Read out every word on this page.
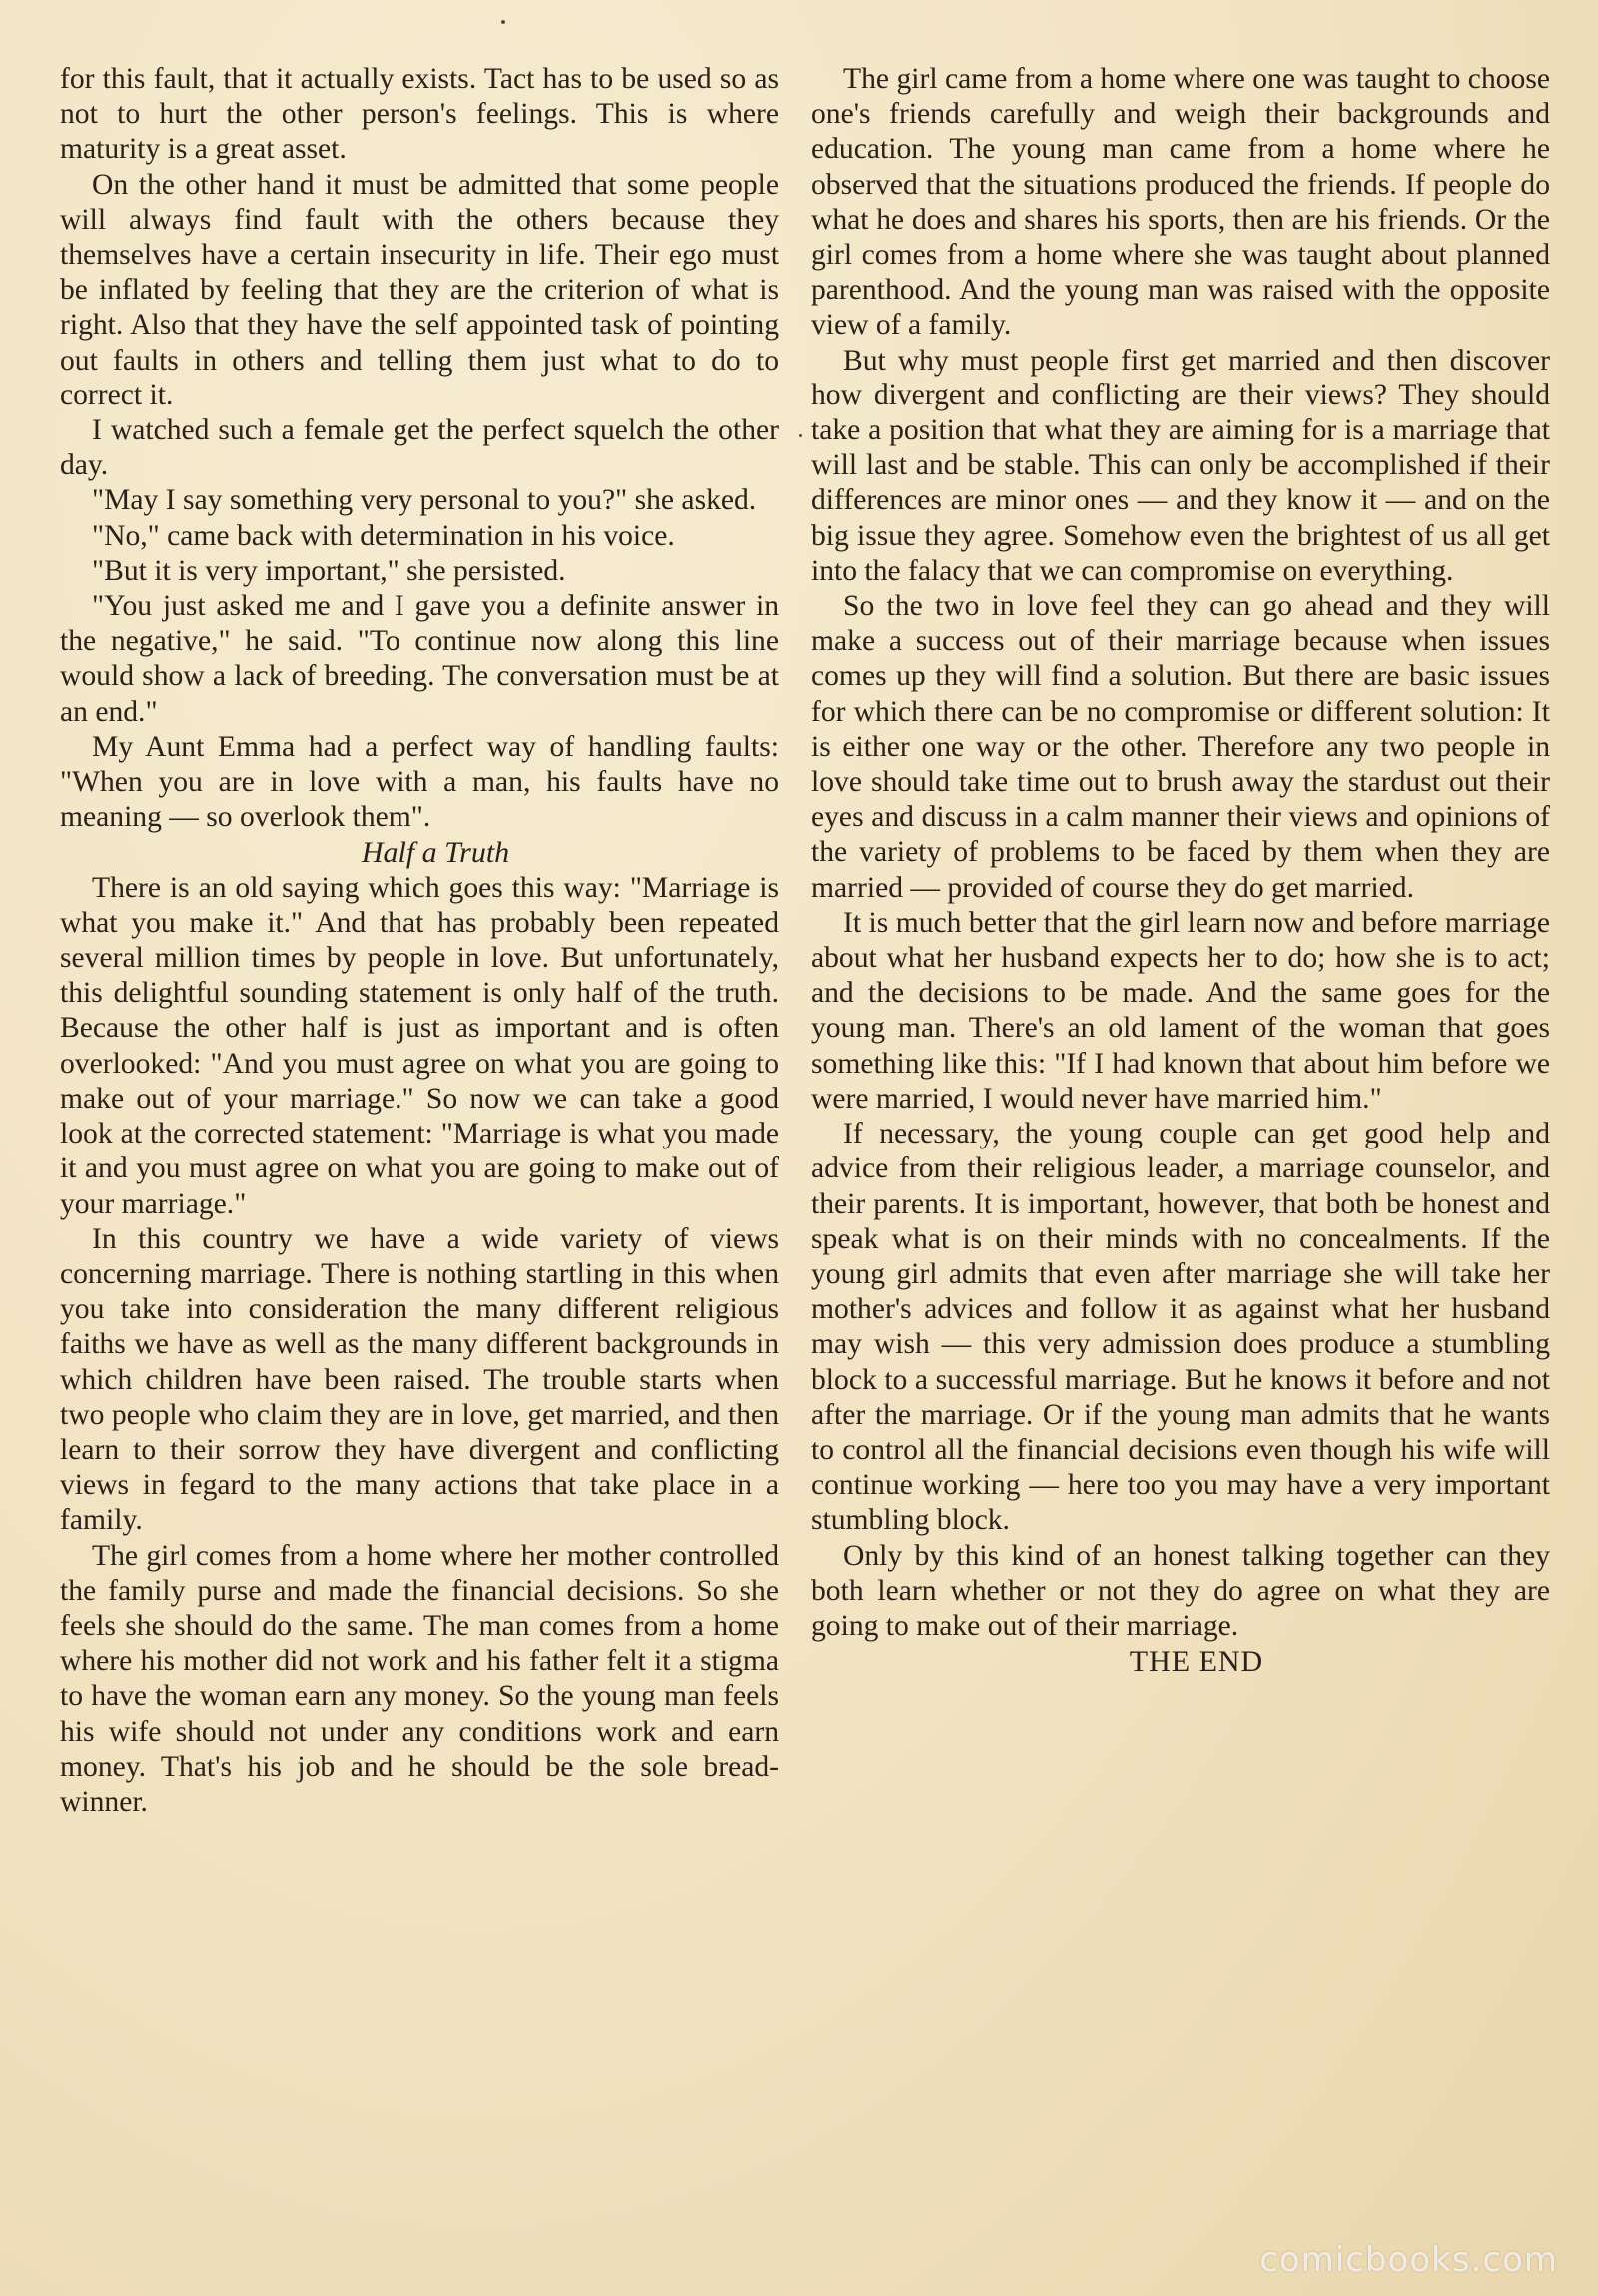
for this fault, that it actually exists. Tact has to be used so as not to hurt the other person's feelings. This is where maturity is a great asset.

On the other hand it must be admitted that some people will always find fault with the others because they themselves have a certain insecurity in life. Their ego must be inflated by feeling that they are the criterion of what is right. Also that they have the self appointed task of pointing out faults in others and telling them just what to do to correct it.

I watched such a female get the perfect squelch the other day.

"May I say something very personal to you?" she asked.

"No," came back with determination in his voice.

"But it is very important," she persisted.

"You just asked me and I gave you a definite answer in the negative," he said. "To continue now along this line would show a lack of breeding. The conversation must be at an end."

My Aunt Emma had a perfect way of handling faults: "When you are in love with a man, his faults have no meaning — so overlook them".

Half a Truth

There is an old saying which goes this way: "Marriage is what you make it." And that has probably been repeated several million times by people in love. But unfortunately, this delightful sounding statement is only half of the truth. Because the other half is just as important and is often overlooked: "And you must agree on what you are going to make out of your marriage." So now we can take a good look at the corrected statement: "Marriage is what you made it and you must agree on what you are going to make out of your marriage."

In this country we have a wide variety of views concerning marriage. There is nothing startling in this when you take into consideration the many different religious faiths we have as well as the many different backgrounds in which children have been raised. The trouble starts when two people who claim they are in love, get married, and then learn to their sorrow they have divergent and conflicting views in fegard to the many actions that take place in a family.

The girl comes from a home where her mother controlled the family purse and made the financial decisions. So she feels she should do the same. The man comes from a home where his mother did not work and his father felt it a stigma to have the woman earn any money. So the young man feels his wife should not under any conditions work and earn money. That's his job and he should be the sole bread-winner.

The girl came from a home where one was taught to choose one's friends carefully and weigh their backgrounds and education. The young man came from a home where he observed that the situations produced the friends. If people do what he does and shares his sports, then are his friends. Or the girl comes from a home where she was taught about planned parenthood. And the young man was raised with the opposite view of a family.

But why must people first get married and then discover how divergent and conflicting are their views? They should take a position that what they are aiming for is a marriage that will last and be stable. This can only be accomplished if their differences are minor ones — and they know it — and on the big issue they agree. Somehow even the brightest of us all get into the falacy that we can compromise on everything.

So the two in love feel they can go ahead and they will make a success out of their marriage because when issues comes up they will find a solution. But there are basic issues for which there can be no compromise or different solution: It is either one way or the other. Therefore any two people in love should take time out to brush away the stardust out their eyes and discuss in a calm manner their views and opinions of the variety of problems to be faced by them when they are married — provided of course they do get married.

It is much better that the girl learn now and before marriage about what her husband expects her to do; how she is to act; and the decisions to be made. And the same goes for the young man. There's an old lament of the woman that goes something like this: "If I had known that about him before we were married, I would never have married him."

If necessary, the young couple can get good help and advice from their religious leader, a marriage counselor, and their parents. It is important, however, that both be honest and speak what is on their minds with no concealments. If the young girl admits that even after marriage she will take her mother's advices and follow it as against what her husband may wish — this very admission does produce a stumbling block to a successful marriage. But he knows it before and not after the marriage. Or if the young man admits that he wants to control all the financial decisions even though his wife will continue working — here too you may have a very important stumbling block.

Only by this kind of an honest talking together can they both learn whether or not they do agree on what they are going to make out of their marriage.

THE END

comicbooks.com
